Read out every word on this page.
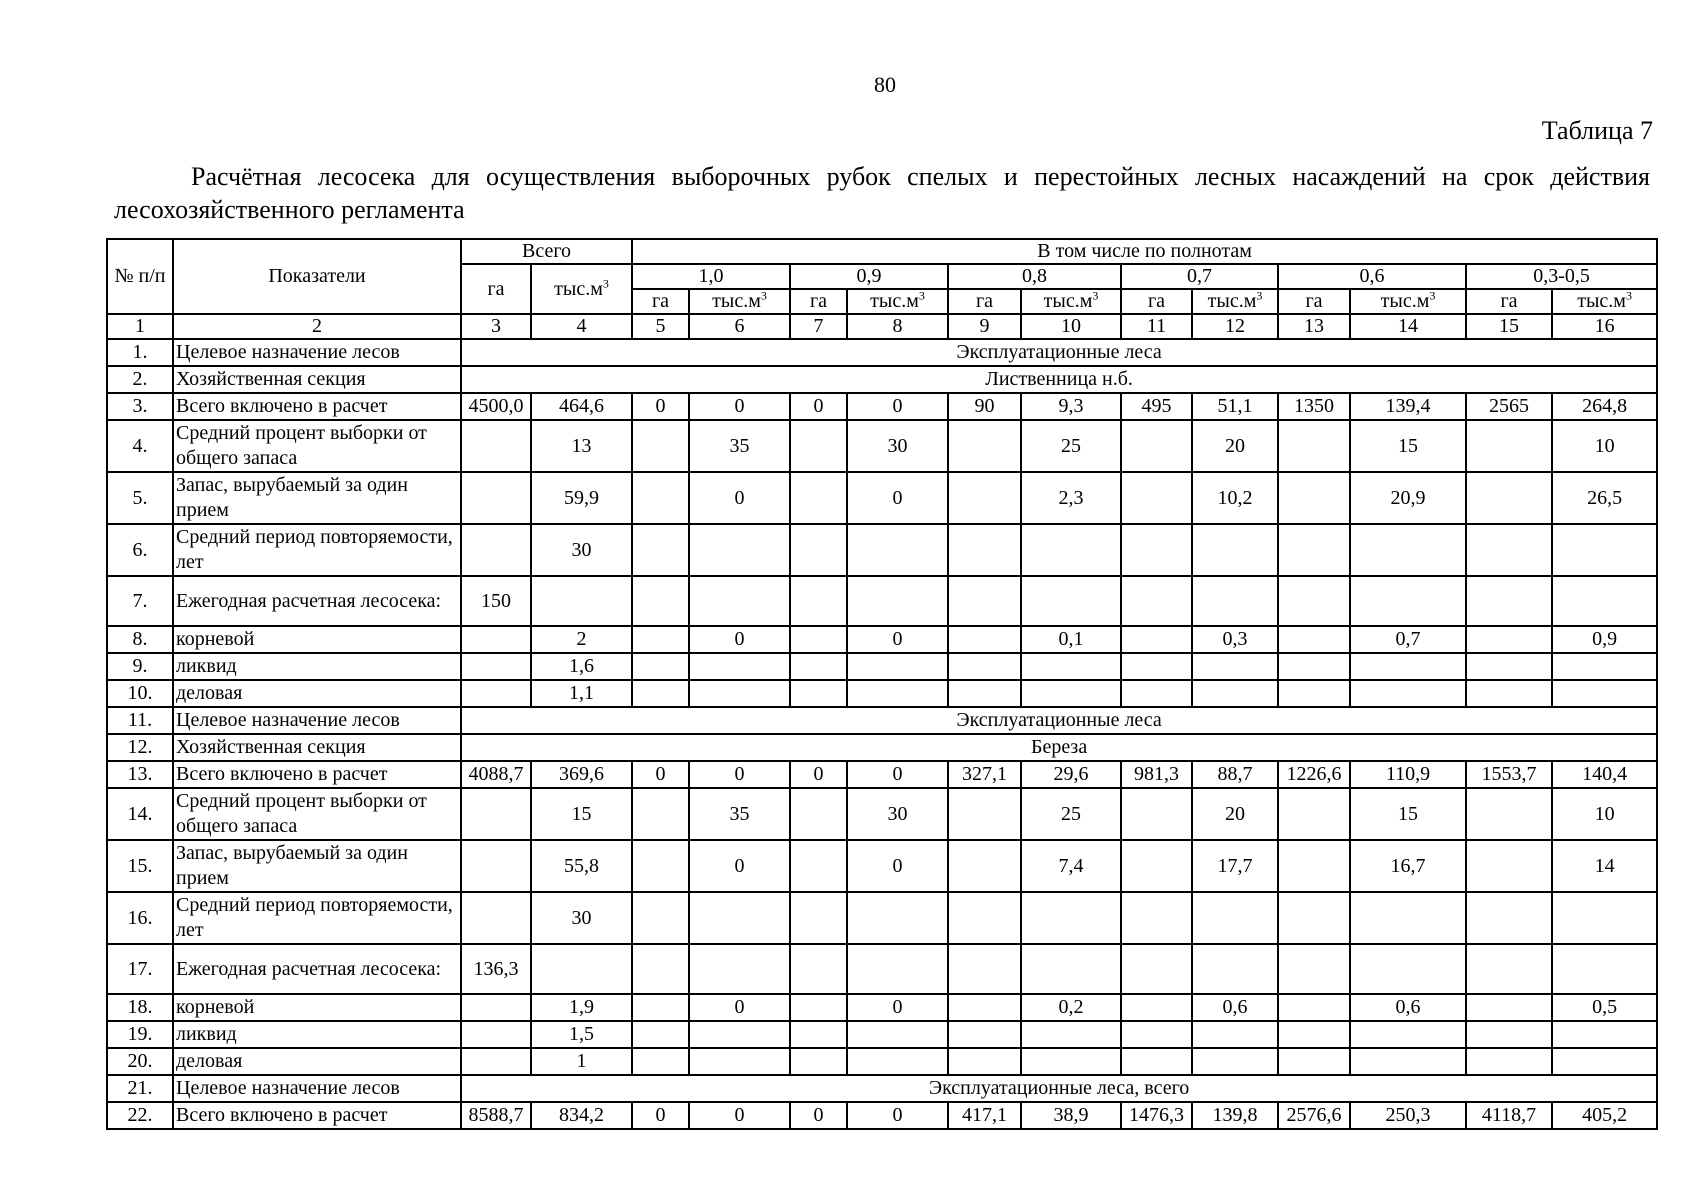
80
Таблица 7
Расчётная лесосека для осуществления выборочных рубок спелых и перестойных лесных насаждений на срок действия лесохозяйственного регламента
№ п/п	Показатели	Всего		В том числе по полнотам											
		га	$тыс.м^3$	1,0		0,9		0,8		0,7		0,6		0,3-0,5	
				га	$тыс.м^3$	га	$тыс.м^3$	га	$тыс.м^3$	га	$тыс.м^3$	га	$тыс.м^3$	га	$тыс.м^3$
1	2	3	4	5	6	7	8	9	10	11	12	13	14	15	16
1.	Целевое назначение лесов	Эксплуатационные леса													
2.	Хозяйственная секция	Лиственница н.б.													
3.	Всего включено в расчет	4500,0	464,6	0	0	0	0	90	9,3	495	51,1	1350	139,4	2565	264,8
4.	Средний процент выборки от общего запаса		13		35		30		25		20		15		10
5.	Запас, вырубаемый за один прием		59,9		0		0		2,3		10,2		20,9		26,5
6.	Средний период повторяемости, лет		30												
7.	Ежегодная расчетная лесосека:	150													
8.	корневой		2		0		0		0,1		0,3		0,7		0,9
9.	ликвид		1,6												
10.	деловая		1,1												
11.	Целевое назначение лесов	Эксплуатационные леса													
12.	Хозяйственная секция	Береза													
13.	Всего включено в расчет	4088,7	369,6	0	0	0	0	327,1	29,6	981,3	88,7	1226,6	110,9	1553,7	140,4
14.	Средний процент выборки от общего запаса		15		35		30		25		20		15		10
15.	Запас, вырубаемый за один прием		55,8		0		0		7,4		17,7		16,7		14
16.	Средний период повторяемости, лет		30												
17.	Ежегодная расчетная лесосека:	136,3													
18.	корневой		1,9		0		0		0,2		0,6		0,6		0,5
19.	ликвид		1,5												
20.	деловая		1												
21.	Целевое назначение лесов	Эксплуатационные леса, всего													
22.	Всего включено в расчет	8588,7	834,2	0	0	0	0	417,1	38,9	1476,3	139,8	2576,6	250,3	4118,7	405,2
